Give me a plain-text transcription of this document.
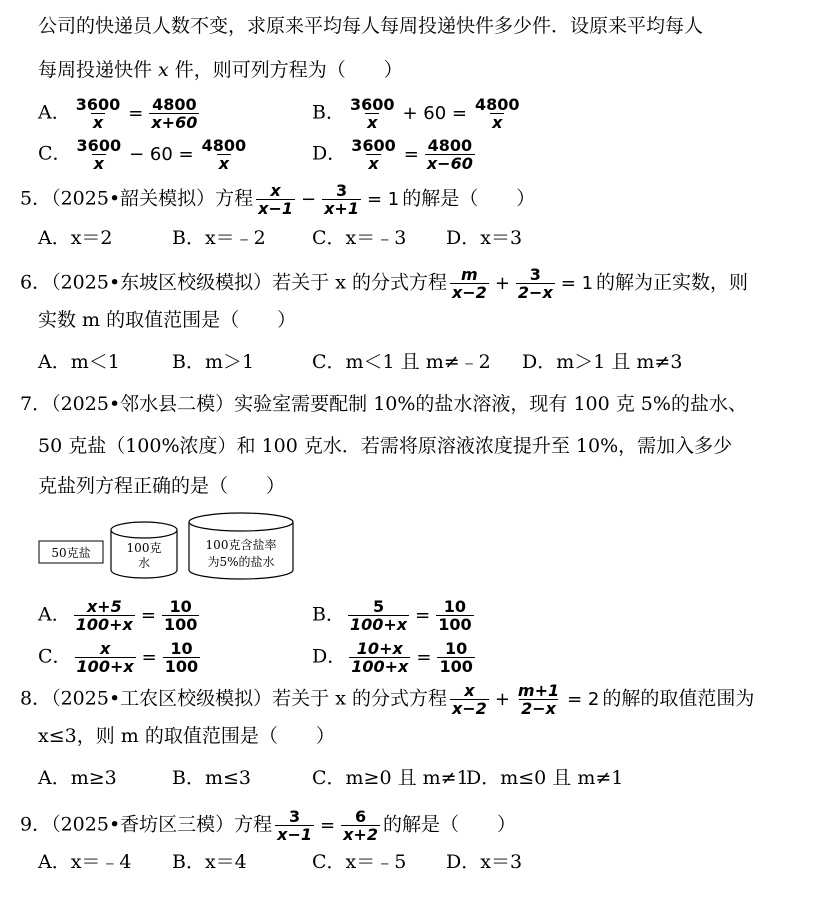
公司的快递员人数不变，求原来平均每人每周投递快件多少件．设原来平均每人
每周投递快件 x 件，则可列方程为（　　）
A． $\frac{3600}{x} = \frac{4800}{x+60}$	B． $\frac{3600}{x} + 60 = \frac{4800}{x}$
C． $\frac{3600}{x} - 60 = \frac{4800}{x}$	D． $\frac{3600}{x} = \frac{4800}{x-60}$
5．（2025•韶关模拟）方程 $\frac{x}{x-1} - \frac{3}{x+1} = 1$ 的解是（　　）
A．x＝2	B．x＝﹣2 C．x＝﹣3 D．x＝3
6．（2025•东坡区校级模拟）若关于 x 的分式方程 $\frac{m}{x-2} + \frac{3}{2-x} = 1$ 的解为正实数，则
实数 m 的取值范围是（　　）
A．m＜1	B．m＞1	C．m＜1 且 m≠﹣2 D．m＞1 且 m≠3
7．（2025•邻水县二模）实验室需要配制 10%的盐水溶液，现有 100 克 5%的盐水、
50 克盐（100%浓度）和 100 克水．若需将原溶液浓度提升至 10%，需加入多少
克盐列方程正确的是（　　）
50克盐	100克
水
100克含盐率
为5%的盐水
A． $\frac{x+5}{100+x} = \frac{10}{100}$	B． $\frac{5}{100+x} = \frac{10}{100}$
C． $\frac{x}{100+x} = \frac{10}{100}$	D． $\frac{10+x}{100+x} = \frac{10}{100}$
8．（2025•工农区校级模拟）若关于 x 的分式方程 $\frac{x}{x-2} + \frac{m+1}{2-x} = 2$ 的解的取值范围为
x≤3，则 m 的取值范围是（　　）
A．m≥3	B．m≤3	C．m≥0 且 m≠1
D．m≤0 且 m≠1
9．（2025•香坊区三模）方程 $\frac{3}{x-1} = \frac{6}{x+2}$ 的解是（　　）
A．x＝﹣4 B．x＝4	C．x＝﹣5 D．x＝3
